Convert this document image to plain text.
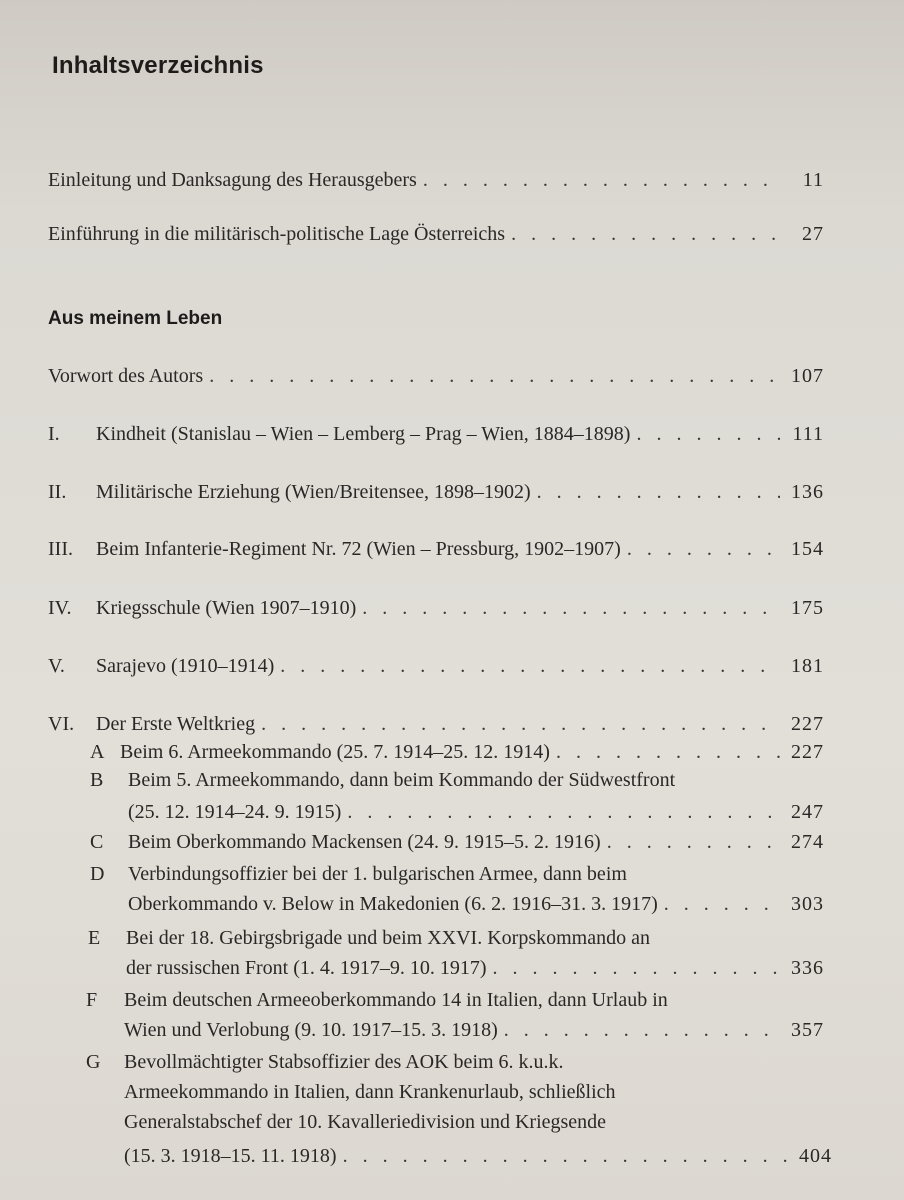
Inhaltsverzeichnis
Einleitung und Danksagung des Herausgebers . . .	11
Einführung in die militärisch-politische Lage Österreichs . . .	27
Aus meinem Leben
Vorwort des Autors . . .	107
I.	Kindheit (Stanislau – Wien – Lemberg – Prag – Wien, 1884–1898) . . .	111
II.	Militärische Erziehung (Wien/Breitensee, 1898–1902) . . .	136
III.	Beim Infanterie-Regiment Nr. 72 (Wien – Pressburg, 1902–1907) . . .	154
IV.	Kriegsschule (Wien 1907–1910) . . .	175
V.	Sarajevo (1910–1914) . . .	181
VI.	Der Erste Weltkrieg . . .	227
A Beim 6. Armeekommando (25. 7. 1914–25. 12. 1914) . . .	227
B Beim 5. Armeekommando, dann beim Kommando der Südwestfront
(25. 12. 1914–24. 9. 1915) . . .	247
C	Beim Oberkommando Mackensen (24. 9. 1915–5. 2. 1916) . . .	274
D Verbindungsoffizier bei der 1. bulgarischen Armee, dann beim
Oberkommando v. Below in Makedonien (6. 2. 1916–31. 3. 1917) . . .	303
E Bei der 18. Gebirgsbrigade und beim XXVI. Korpskommando an
der russischen Front (1. 4. 1917–9. 10. 1917) . . .	336
F Beim deutschen Armeeoberkommando 14 in Italien, dann Urlaub in
Wien und Verlobung (9. 10. 1917–15. 3. 1918) . . .	357
G Bevollmächtigter Stabsoffizier des AOK beim 6. k.u.k.
Armeekommando in Italien, dann Krankenurlaub, schließlich
Generalstabschef der 10. Kavalleriedivision und Kriegsende
(15. 3. 1918–15. 11. 1918) . . .	404
